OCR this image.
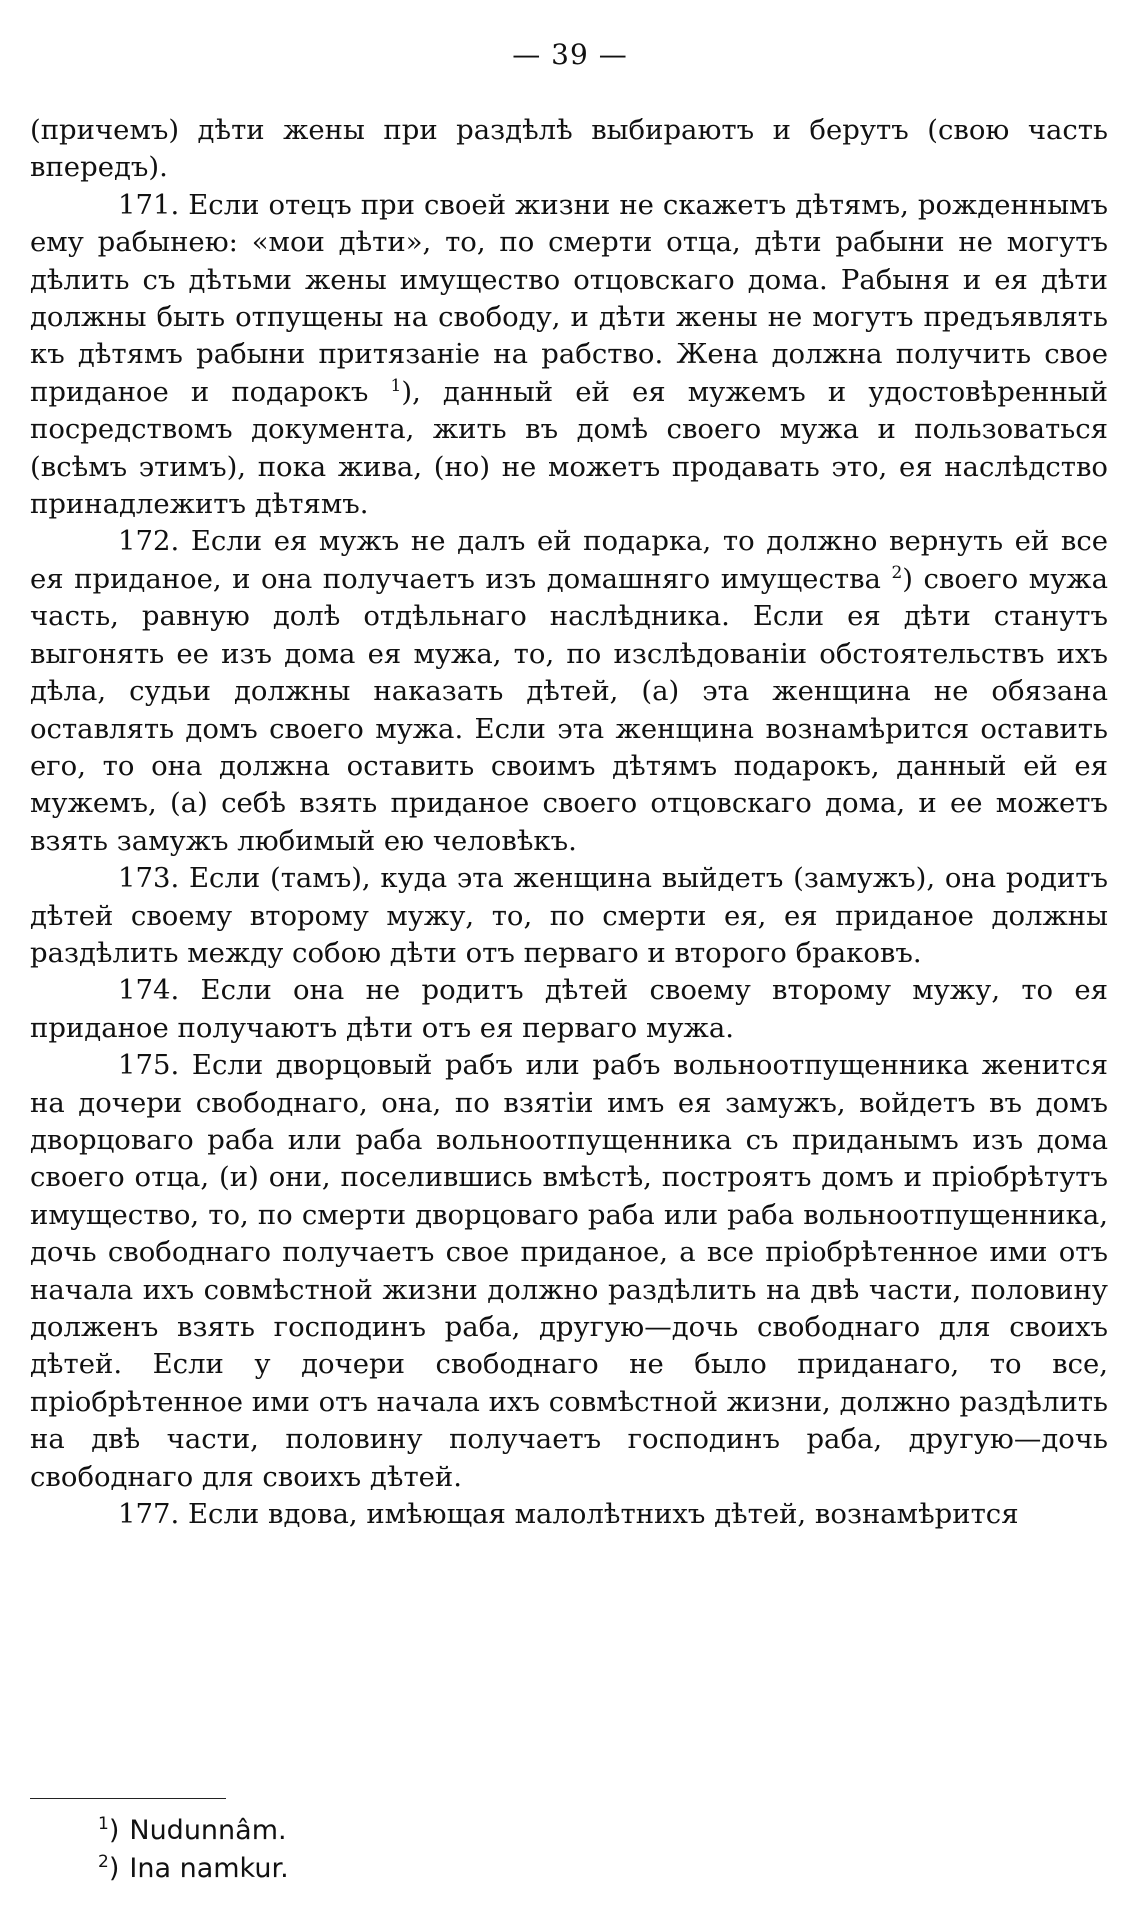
— 39 —

(причемъ) дѣти жены при раздѣлѣ выбираютъ и берутъ (свою часть впередъ).

171. Если отецъ при своей жизни не скажетъ дѣтямъ, рожденнымъ ему рабынею: «мои дѣти», то, по смерти отца, дѣти рабыни не могутъ дѣлить съ дѣтьми жены имущество отцовскаго дома. Рабыня и ея дѣти должны быть отпущены на свободу, и дѣти жены не могутъ предъявлять къ дѣтямъ рабыни притязаніе на рабство. Жена должна получить свое приданое и подарокъ $^1$), данный ей ея мужемъ и удостовѣренный посредствомъ документа, жить въ домѣ своего мужа и пользоваться (всѣмъ этимъ), пока жива, (но) не можетъ продавать это, ея наслѣдство принадлежитъ дѣтямъ.

172. Если ея мужъ не далъ ей подарка, то должно вернуть ей все ея приданое, и она получаетъ изъ домашняго имущества $^2$) своего мужа часть, равную долѣ отдѣльнаго наслѣдника. Если ея дѣти станутъ выгонять ее изъ дома ея мужа, то, по изслѣдованіи обстоятельствъ ихъ дѣла, судьи должны наказать дѣтей, (а) эта женщина не обязана оставлять домъ своего мужа. Если эта женщина вознамѣрится оставить его, то она должна оставить своимъ дѣтямъ подарокъ, данный ей ея мужемъ, (а) себѣ взять приданое своего отцовскаго дома, и ее можетъ взять замужъ любимый ею человѣкъ.

173. Если (тамъ), куда эта женщина выйдетъ (замужъ), она родитъ дѣтей своему второму мужу, то, по смерти ея, ея приданое должны раздѣлить между собою дѣти отъ перваго и второго браковъ.

174. Если она не родитъ дѣтей своему второму мужу, то ея приданое получаютъ дѣти отъ ея перваго мужа.

175. Если дворцовый рабъ или рабъ вольноотпущенника женится на дочери свободнаго, она, по взятіи имъ ея замужъ, войдетъ въ домъ дворцоваго раба или раба вольноотпущенника съ приданымъ изъ дома своего отца, (и) они, поселившись вмѣстѣ, построятъ домъ и пріобрѣтутъ имущество, то, по смерти дворцоваго раба или раба вольноотпущенника, дочь свободнаго получаетъ свое приданое, а все пріобрѣтенное ими отъ начала ихъ совмѣстной жизни должно раздѣлить на двѣ части, половину долженъ взять господинъ раба, другую—дочь свободнаго для своихъ дѣтей. Если у дочери свободнаго не было приданаго, то все, пріобрѣтенное ими отъ начала ихъ совмѣстной жизни, должно раздѣлить на двѣ части, половину получаетъ господинъ раба, другую—дочь свободнаго для своихъ дѣтей.

177. Если вдова, имѣющая малолѣтнихъ дѣтей, вознамѣрится

$^1$) Nudunnâm.
$^2$) Ina namkur.
